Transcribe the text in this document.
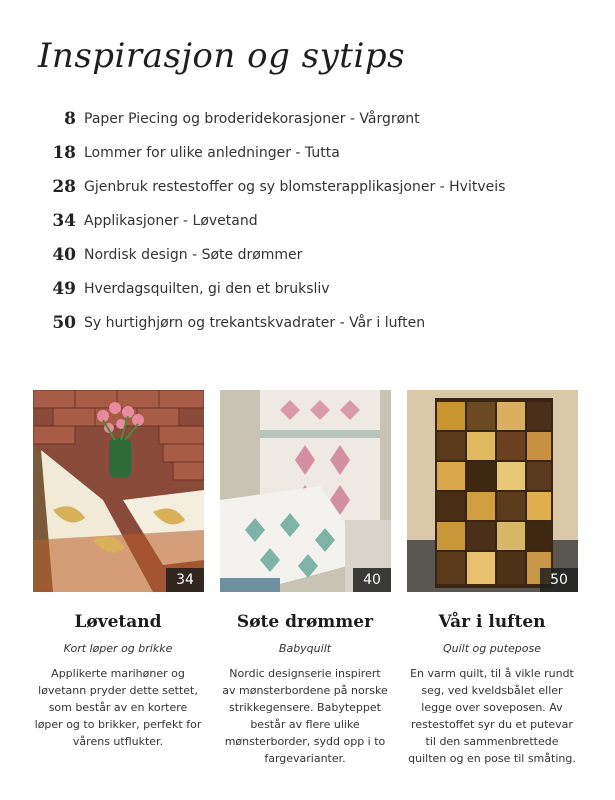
Inspirasjon og sytips
8 Paper Piecing og broderidekorasjoner - Vårgrønt
18 Lommer for ulike anledninger - Tutta
28 Gjenbruk restestoffer og sy blomsterapplikasjoner - Hvitveis
34 Applikasjoner - Løvetand
40 Nordisk design - Søte drømmer
49 Hverdagsquilten, gi den et bruksliv
50 Sy hurtighjørn og trekantskvadrater - Vår i luften
34	40	50
Løvetand
Kort løper og brikke
Applikerte marihøner og
løvetann pryder dette settet,
som består av en kortere
løper og to brikker, perfekt for
vårens utflukter.
Søte drømmer
Babyquilt
Nordic designserie inspirert
av mønsterbordene på norske
strikkegensere. Babyteppet
består av flere ulike
mønsterborder, sydd opp i to
fargevarianter.
Vår i luften
Quilt og putepose
En varm quilt, til å vikle rundt
seg, ved kveldsbålet eller
legge over soveposen. Av
restestoffet syr du et putevar
til den sammenbrettede
quilten og en pose til småting.
